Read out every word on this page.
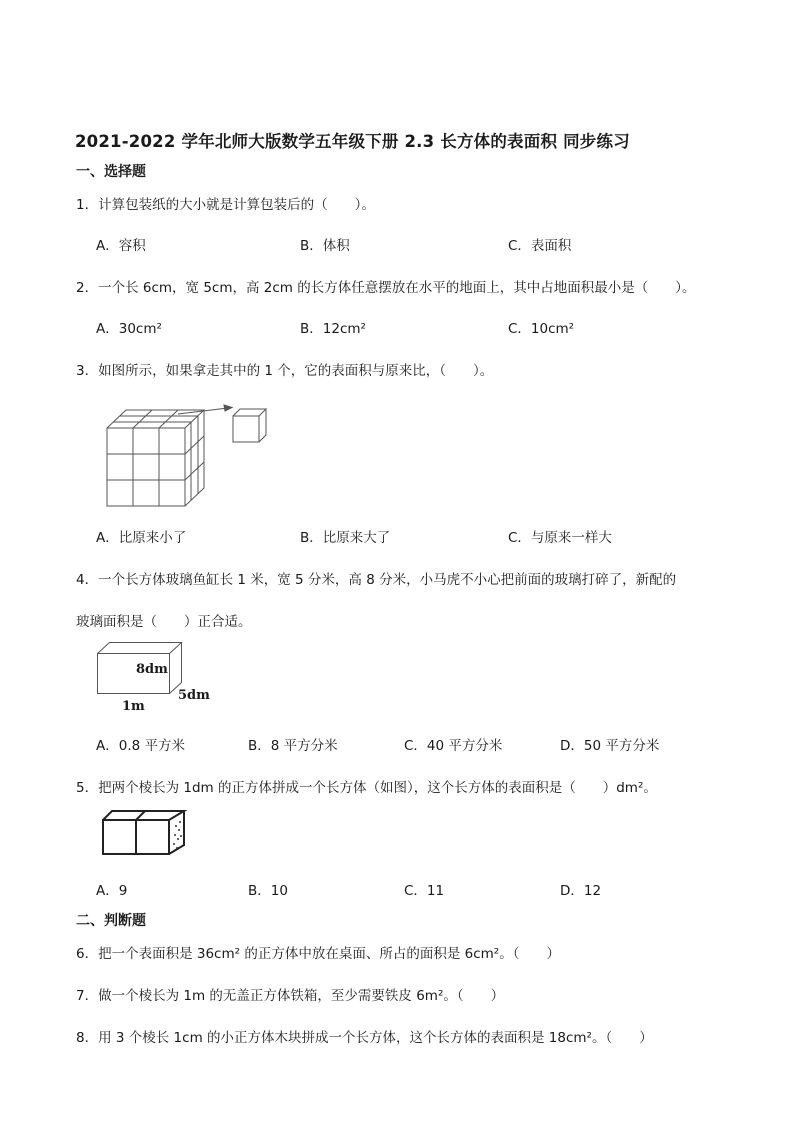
2021-2022 学年北师大版数学五年级下册 2.3 长方体的表面积 同步练习
一、选择题
1．计算包装纸的大小就是计算包装后的（　　）。
A．容积	B．体积	C．表面积
2．一个长 6cm，宽 5cm，高 2cm 的长方体任意摆放在水平的地面上，其中占地面积最小是（　　）。
A．30cm²	B．12cm²	C．10cm²
3．如图所示，如果拿走其中的 1 个，它的表面积与原来比，（　　）。
A．比原来小了	B．比原来大了	C．与原来一样大
4．一个长方体玻璃鱼缸长 1 米，宽 5 分米，高 8 分米，小马虎不小心把前面的玻璃打碎了，新配的
玻璃面积是（　　）正合适。
8dm
5dm
1m
A．0.8 平方米	B．8 平方分米	C．40 平方分米	D．50 平方分米
5．把两个棱长为 1dm 的正方体拼成一个长方体（如图），这个长方体的表面积是（　　）dm²。
A．9	B．10	C．11	D．12
二、判断题
6．把一个表面积是 36cm² 的正方体中放在桌面、所占的面积是 6cm²。（　　）
7．做一个棱长为 1m 的无盖正方体铁箱，至少需要铁皮 6m²。（　　）
8．用 3 个棱长 1cm 的小正方体木块拼成一个长方体，这个长方体的表面积是 18cm²。（　　）
